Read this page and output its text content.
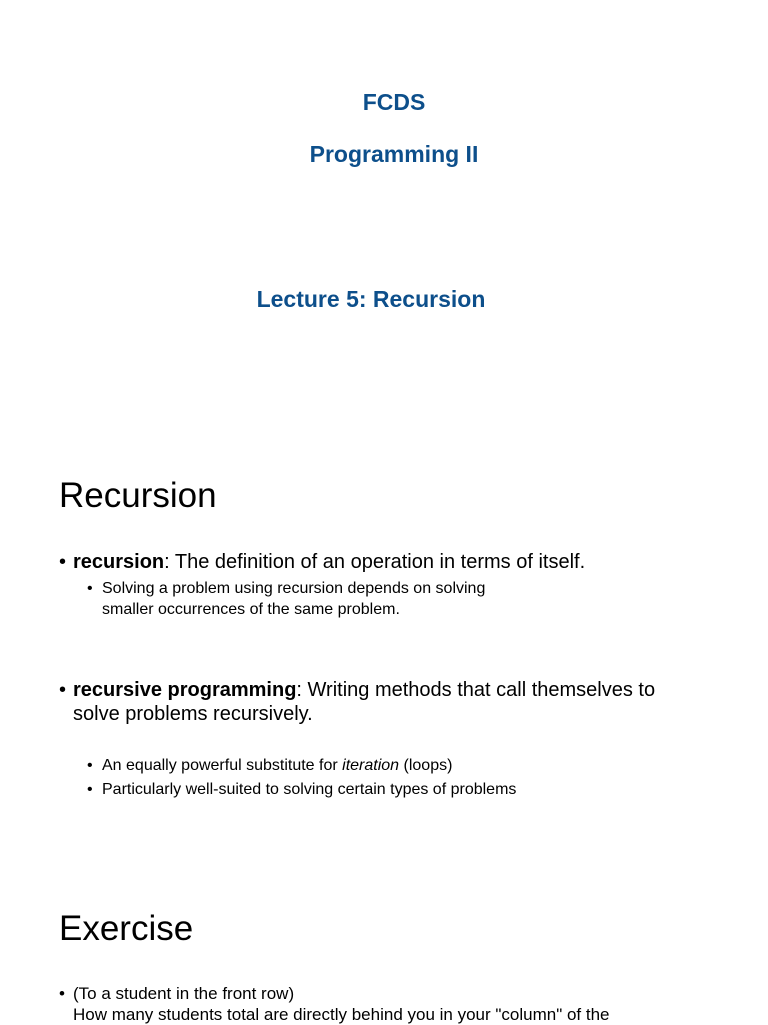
FCDS
Programming II
Lecture 5: Recursion
Recursion
• recursion: The definition of an operation in terms of itself.
• Solving a problem using recursion depends on solving
smaller occurrences of the same problem.
• recursive programming: Writing methods that call themselves to
solve problems recursively.
• An equally powerful substitute for iteration (loops)
• Particularly well-suited to solving certain types of problems
Exercise
• (To a student in the front row)
How many students total are directly behind you in your "column" of the
